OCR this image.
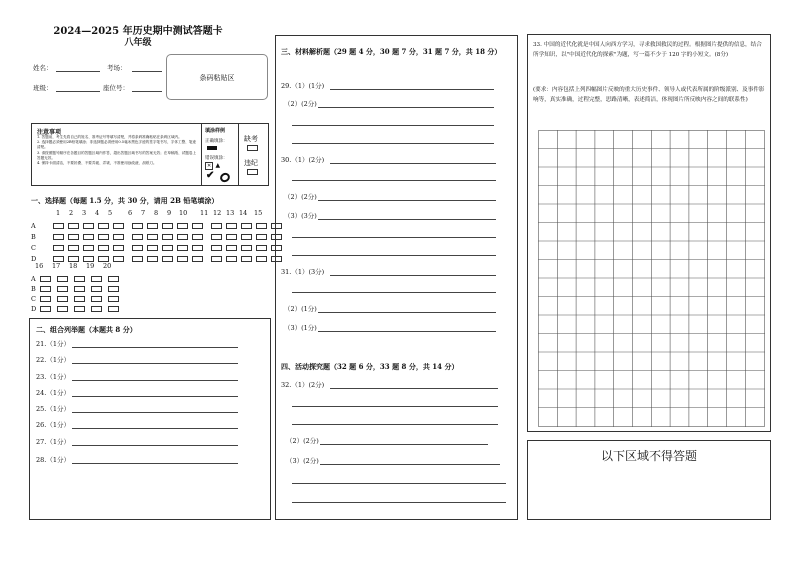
2024—2025 年历史期中测试答题卡
八年级
姓名：	考场：
班级：	座位号：
条码粘贴区
注意事项
1. 答题前，考生先将自己的姓名、准考证号等填写清楚，并将条码准确粘贴在条码区域内。
2. 选择题必须使用2B铅笔填涂；非选择题必须使用0.5毫米黑色字迹的签字笔书写，字体工整、笔迹清楚。
3. 请按照题号顺序在各题目的答题区域内作答，超出答题区域书写的答案无效；在草稿纸、试题卷上答题无效。
4. 保持卡面清洁，不要折叠、不要弄破、弄皱，不准使用涂改液、刮纸刀。
填涂样例
正确填涂：
错误填涂：
✕ ▲
✔
缺考
违纪
一、选择题（每题 1.5 分，共 30 分，请用 2B 铅笔填涂）
1 2 3 4 5 6 7 8 9 10 11 12 13 14 15
A
B
C
D
16 17 18 19 20
A
B
C
D
二、组合列举题（本题共 8 分）
21.（1分）
22.（1分）
23.（1分）
24.（1分）
25.（1分）
26.（1分）
27.（1分）
28.（1分）
三、材料解析题（29 题 4 分，30 题 7 分，31 题 7 分，共 18 分）
29.（1）(1分)
（2）(2分)
30.（1）(2分)
（2）(2分)
（3）(3分)
31.（1）(3分)
（2）(1分)
（3）(1分)
四、活动探究题（32 题 6 分，33 题 8 分，共 14 分）
32.（1）(2分)
（2）(2分)
（3）(2分)
33. 中国的近代化就是中国人向西方学习，寻求救国救民的过程。根据图片提供的信息，结合所学知识，以"中国近代化的探索"为题，写一篇不少于 120 字的小短文。(8分)
(要求：内容包括上列四幅图片反映的重大历史事件、领导人或代表所属的阶级派别、及事件影响等，真实准确，过程完整，思路清晰，表述简洁，体现图片所反映内容之间的联系性)
以下区域不得答题
